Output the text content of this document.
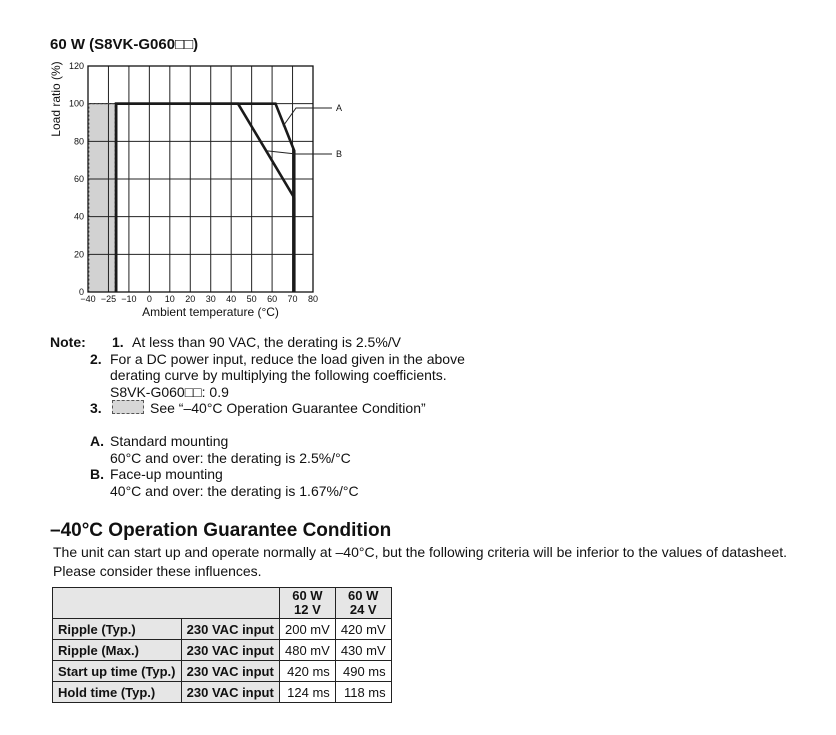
60 W (S8VK-G060□□)
−40 −25 −10 0 10 20 30 40 50 60 70 80
0
20
40
60
80
100
120
A
B
Ambient temperature (°C)
Load ratio (%)
Note:	1. At less than 90 VAC, the derating is 2.5%/V
2. For a DC power input, reduce the load given in the above
derating curve by multiplying the following coefficients.
S8VK-G060□□: 0.9
3.	See “–40°C Operation Guarantee Condition”
A. Standard mounting
60°C and over: the derating is 2.5%/°C
B. Face-up mounting
40°C and over: the derating is 1.67%/°C
–40°C Operation Guarantee Condition
The unit can start up and operate normally at –40°C, but the following criteria will be inferior to the values of datasheet.
Please consider these influences.
		60 W
12 V	60 W
24 V
Ripple (Typ.)	230 VAC input	200 mV	420 mV
Ripple (Max.)	230 VAC input	480 mV	430 mV
Start up time (Typ.)	230 VAC input	420 ms	490 ms
Hold time (Typ.)	230 VAC input	124 ms	118 ms
